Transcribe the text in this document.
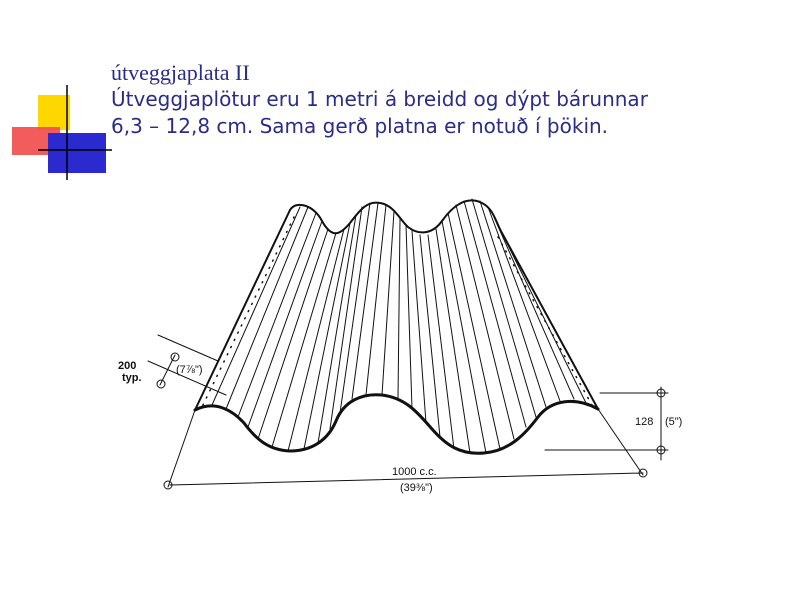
útveggjaplata II

Útveggjaplötur eru 1 metri á breidd og dýpt bárunnar

6,3 – 12,8 cm. Sama gerð platna er notuð í þökin.

200
typ.
(7⅞")
128 (5")
1000 c.c.
(39⅜")
